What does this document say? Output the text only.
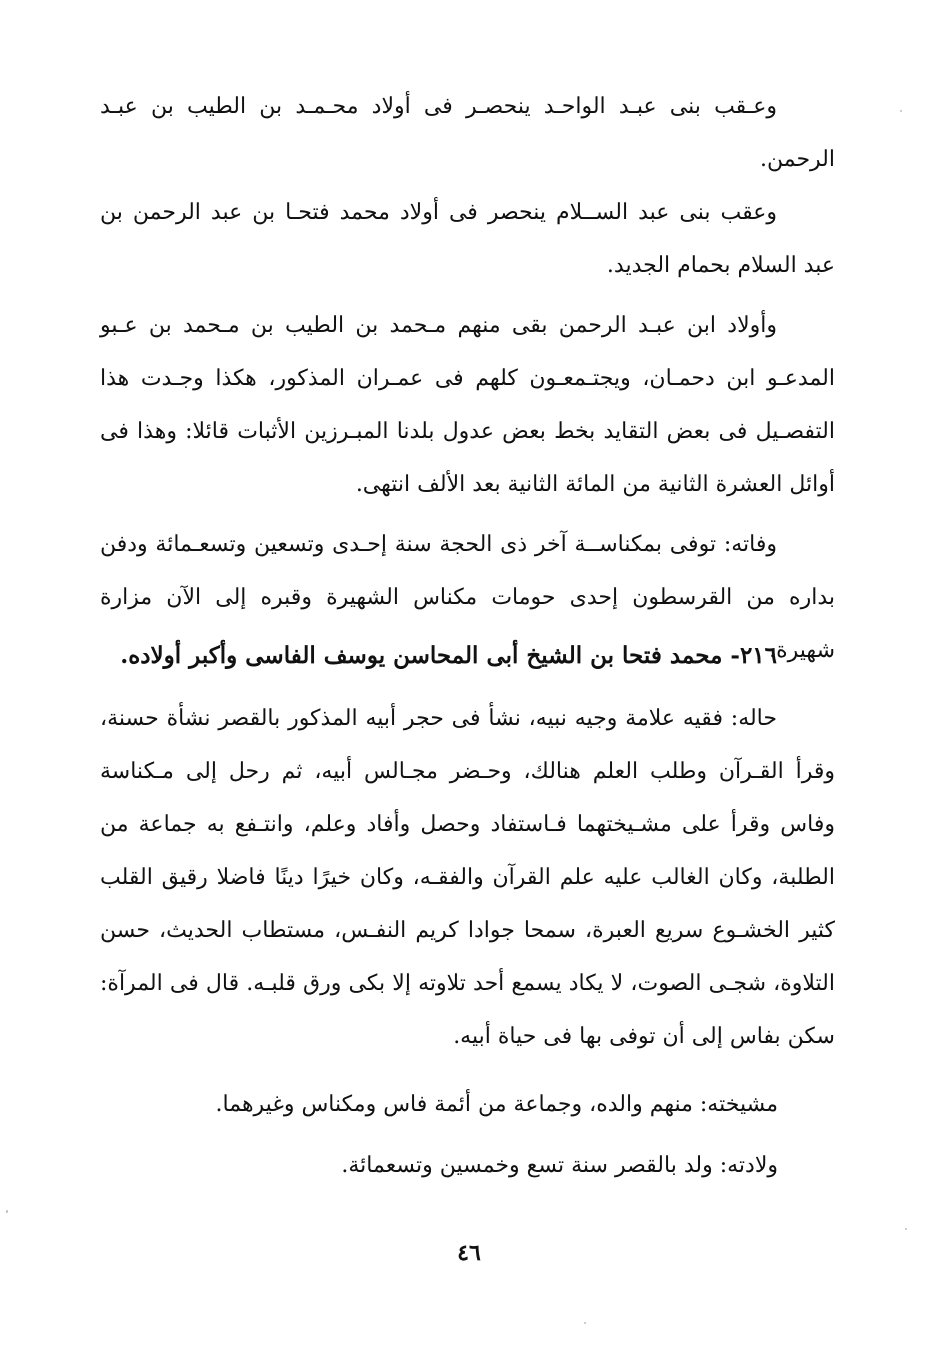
وعـقب بنى عبـد الواحـد ينحصـر فى أولاد محـمـد بن الطيب بن عبـد الرحمن.

وعقب بنى عبد الســلام ينحصر فى أولاد محمد فتحـا بن عبد الرحمن بن عبد السلام بحمام الجديد.

وأولاد ابن عبـد الرحمن بقى منهم مـحمد بن الطيب بن مـحمد بن عـبو المدعـو ابن دحمـان، ويجتـمعـون كلهم فى عمـران المذكور، هكذا وجـدت هذا التفصـيل فى بعض التقايد بخط بعض عدول بلدنا المبـرزين الأثبات قائلا: وهذا فى أوائل العشرة الثانية من المائة الثانية بعد الألف انتهى.

وفاته: توفى بمكناســة آخر ذى الحجة سنة إحـدى وتسعين وتسعـمائة ودفن بداره من القرسطون إحدى حومات مكناس الشهيرة وقبره إلى الآن مزارة شهيرة.

٢١٦- محمد فتحا بن الشيخ أبى المحاسن يوسف الفاسى وأكبر أولاده.

حاله: فقيه علامة وجيه نبيه، نشأ فى حجر أبيه المذكور بالقصر نشأة حسنة، وقرأ القـرآن وطلب العلم هنالك، وحـضر مجـالس أبيه، ثم رحل إلى مـكناسة وفاس وقرأ على مشـيختهما فـاستفاد وحصل وأفاد وعلم، وانتـفع به جماعة من الطلبة، وكان الغالب عليه علم القرآن والفقـه، وكان خيرًا دينًا فاضلا رقيق القلب كثير الخشـوع سريع العبرة، سمحا جوادا كريم النفـس، مستطاب الحديث، حسن التلاوة، شجـى الصوت، لا يكاد يسمع أحد تلاوته إلا بكى ورق قلبـه. قال فى المرآة: سكن بفاس إلى أن توفى بها فى حياة أبيه.

مشيخته: منهم والده، وجماعة من أئمة فاس ومكناس وغيرهما.
ولادته: ولد بالقصر سنة تسع وخمسين وتسعمائة.
٤٦
